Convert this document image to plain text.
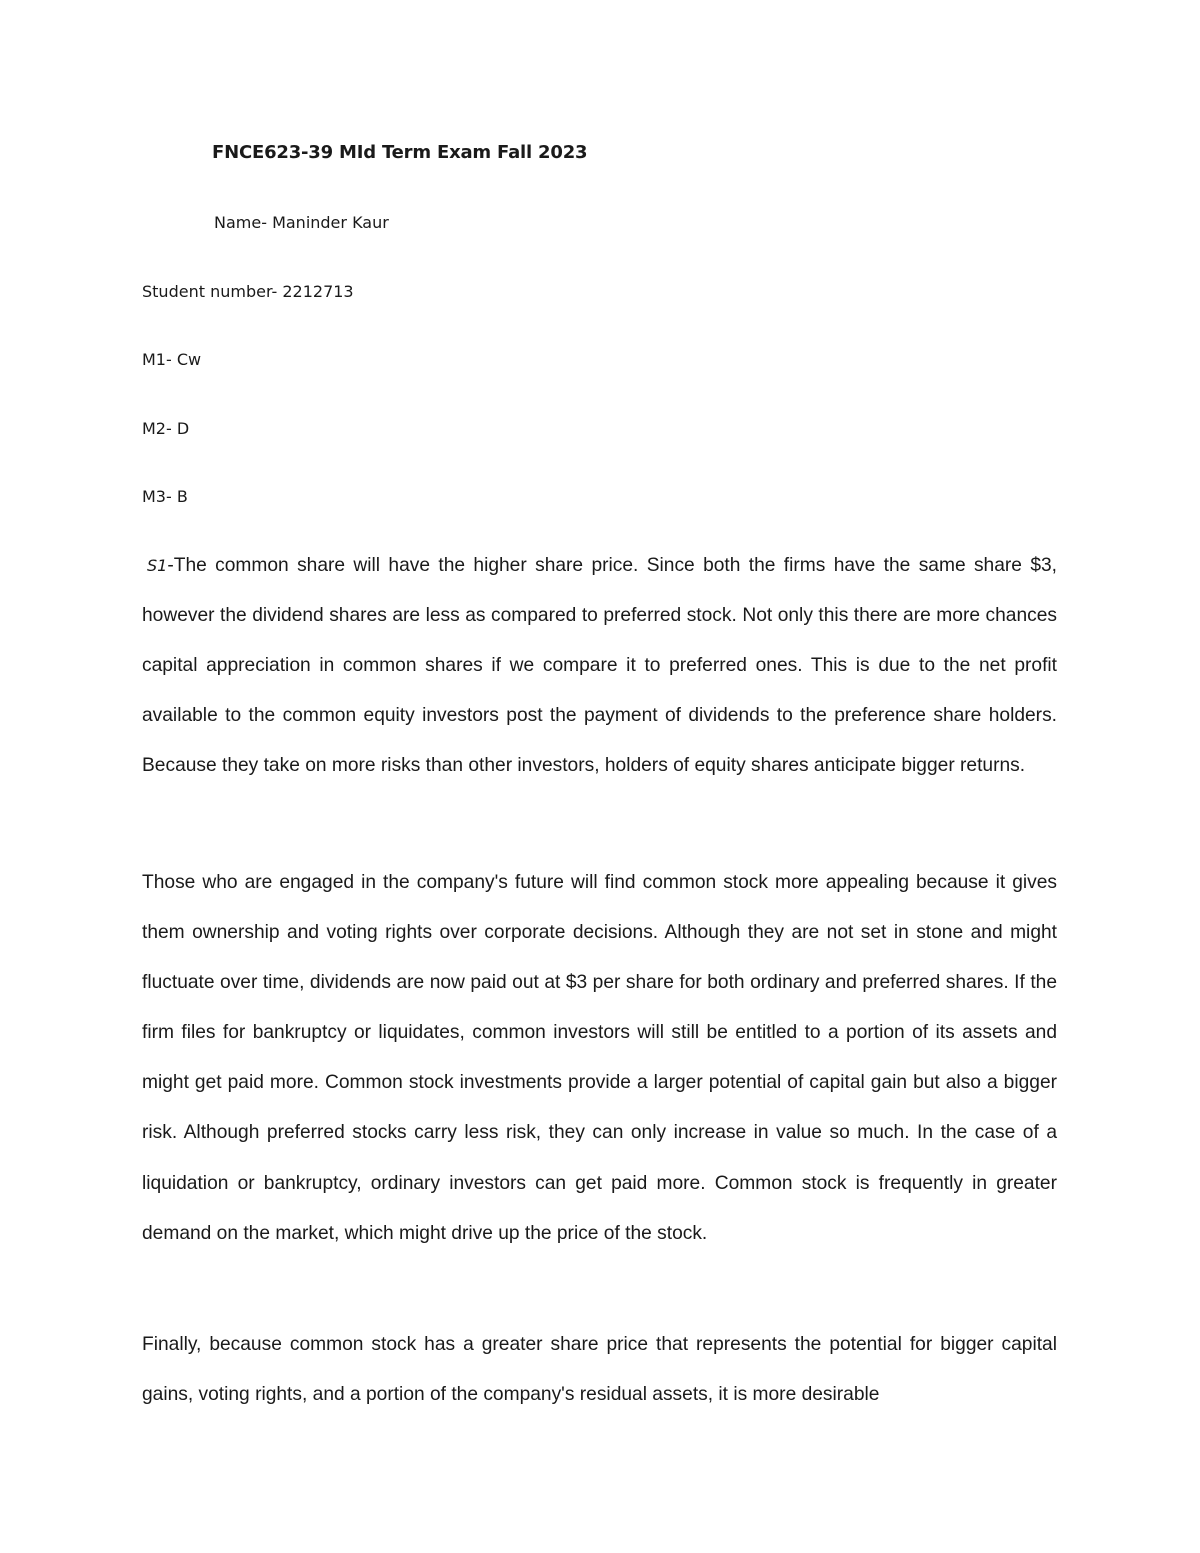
FNCE623-39 MId Term Exam Fall 2023
Name- Maninder Kaur
Student number- 2212713
M1- Cw
M2- D
M3- B

S1-The common share will have the higher share price. Since both the firms have the same share $3, however the dividend shares are less as compared to preferred stock. Not only this there are more chances capital appreciation in common shares if we compare it to preferred ones. This is due to the net profit available to the common equity investors post the payment of dividends to the preference share holders. Because they take on more risks than other investors, holders of equity shares anticipate bigger returns.

Those who are engaged in the company's future will find common stock more appealing because it gives them ownership and voting rights over corporate decisions. Although they are not set in stone and might fluctuate over time, dividends are now paid out at $3 per share for both ordinary and preferred shares. If the firm files for bankruptcy or liquidates, common investors will still be entitled to a portion of its assets and might get paid more. Common stock investments provide a larger potential of capital gain but also a bigger risk. Although preferred stocks carry less risk, they can only increase in value so much. In the case of a liquidation or bankruptcy, ordinary investors can get paid more. Common stock is frequently in greater demand on the market, which might drive up the price of the stock.

Finally, because common stock has a greater share price that represents the potential for bigger capital gains, voting rights, and a portion of the company's residual assets, it is more desirable
